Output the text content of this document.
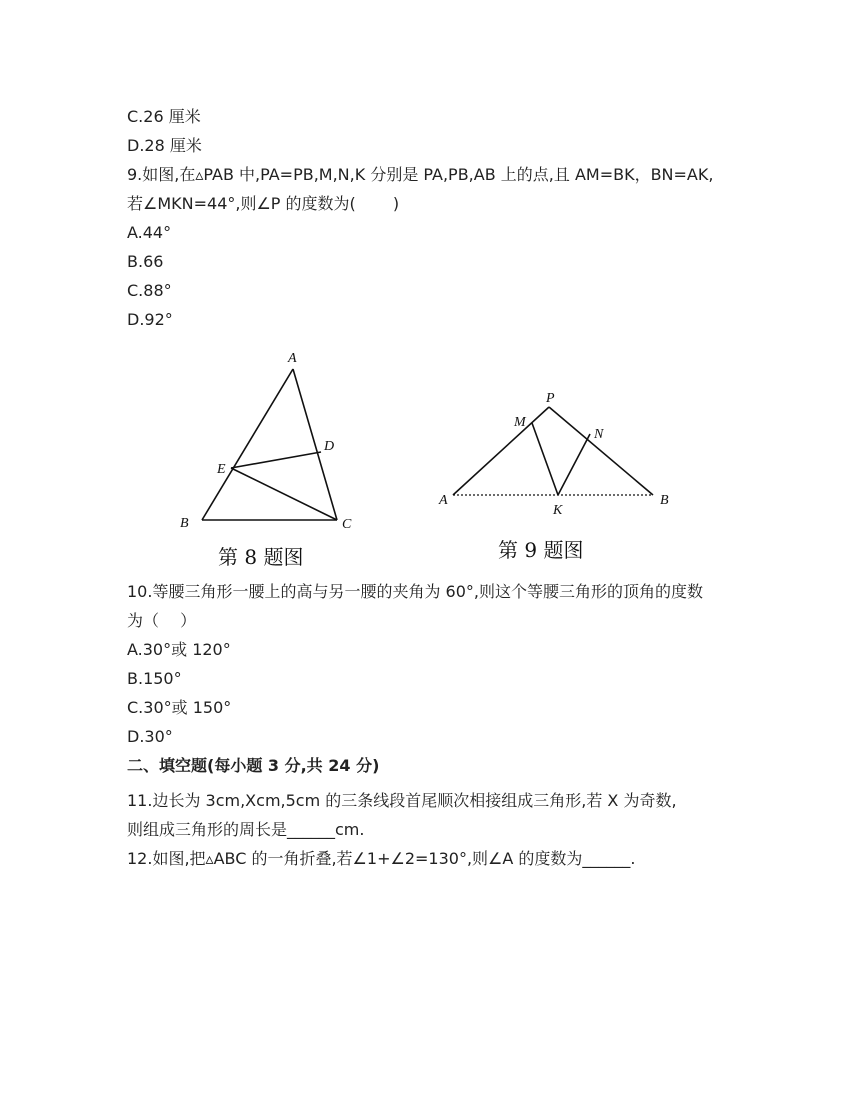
C.26 厘米
D.28 厘米
9.如图,在▵PAB 中,PA=PB,M,N,K 分别是 PA,PB,AB 上的点,且 AM=BK，BN=AK,
若∠MKN=44°,则∠P 的度数为(　　 )
A.44°
B.66
C.88°
D.92°
A
B	C
D
E
第 8 题图
P
M
N
A	B
K
第 9 题图
10.等腰三角形一腰上的高与另一腰的夹角为 60°,则这个等腰三角形的顶角的度数
为（　 ）
A.30°或 120°
B.150°
C.30°或 150°
D.30°
二、填空题(每小题 3 分,共 24 分)
11.边长为 3cm,Xcm,5cm 的三条线段首尾顺次相接组成三角形,若 X 为奇数,
则组成三角形的周长是______cm.
12.如图,把▵ABC 的一角折叠,若∠1+∠2=130°,则∠A 的度数为______.
